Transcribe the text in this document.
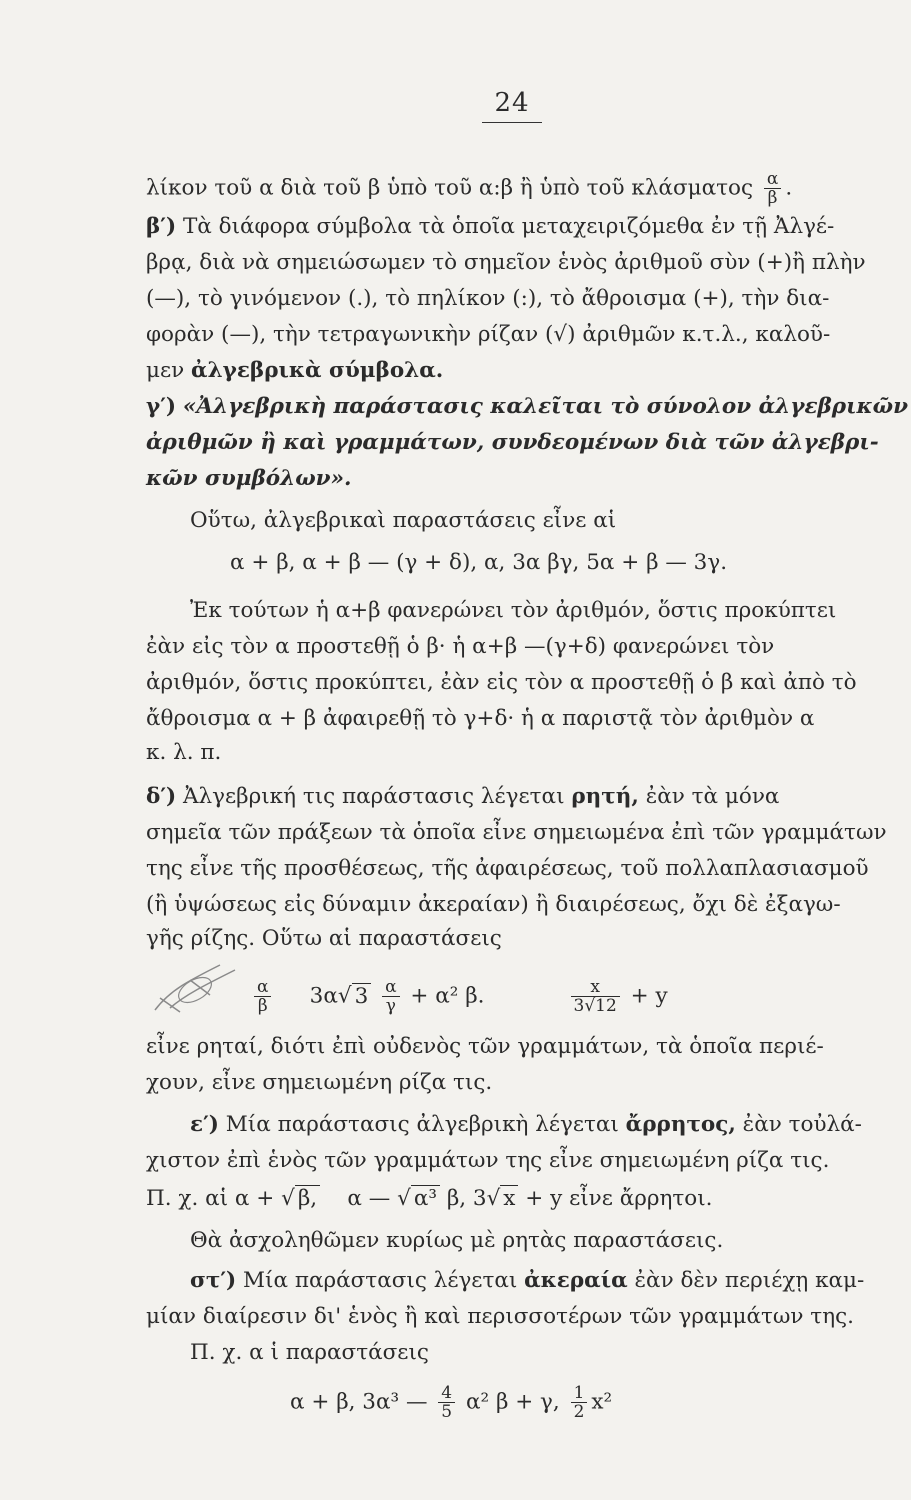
24
λίκον τοῦ α διὰ τοῦ β ὑπὸ τοῦ α:β ἢ ὑπὸ τοῦ κλάσματος $\frac{\alpha}{\beta}$ .
β′) Τὰ διάφορα σύμβολα τὰ ὁποῖα μεταχειριζόμεθα ἐν τῇ Ἀλγέ-
βρᾳ, διὰ νὰ σημειώσωμεν τὸ σημεῖον ἑνὸς ἀριθμοῦ σὺν (+)ἢ πλὴν
(—), τὸ γινόμενον (.), τὸ πηλίκον (:), τὸ ἄθροισμα (+), τὴν δια-
φορὰν (—), τὴν τετραγωνικὴν ρίζαν (√) ἀριθμῶν κ.τ.λ., καλοῦ-
μεν ἀλγεβρικὰ σύμβολα.
γ′) «Ἀλγεβρικὴ παράστασις καλεῖται τὸ σύνολον ἀλγεβρικῶν
ἀριθμῶν ἢ καὶ γραμμάτων, συνδεομένων διὰ τῶν ἀλγεβρι-
κῶν συμβόλων».
Οὕτω, ἀλγεβρικαὶ παραστάσεις εἶνε αἱ
α + β, α + β — (γ + δ), α, 3α βγ, 5α + β — 3γ.
Ἐκ τούτων ἡ α+β φανερώνει τὸν ἀριθμόν, ὅστις προκύπτει
ἐὰν εἰς τὸν α προστεθῇ ὁ β· ἡ α+β —(γ+δ) φανερώνει τὸν
ἀριθμόν, ὅστις προκύπτει, ἐὰν εἰς τὸν α προστεθῇ ὁ β καὶ ἀπὸ τὸ
ἄθροισμα α + β ἀφαιρεθῇ τὸ γ+δ· ἡ α παριστᾷ τὸν ἀριθμὸν α
κ. λ. π.
δ′) Ἀλγεβρική τις παράστασις λέγεται ρητή, ἐὰν τὰ μόνα
σημεῖα τῶν πράξεων τὰ ὁποῖα εἶνε σημειωμένα ἐπὶ τῶν γραμμάτων
της εἶνε τῆς προσθέσεως, τῆς ἀφαιρέσεως, τοῦ πολλαπλασιασμοῦ
(ἢ ὑψώσεως εἰς δύναμιν ἀκεραίαν) ἢ διαιρέσεως, ὄχι δὲ ἐξαγω-
γῆς ρίζης. Οὕτω αἱ παραστάσεις
$\frac{\alpha}{\beta} 3\alpha√$ $3 \frac{\alpha}{\gamma} + \alpha^2$ β.	$\frac{x}{3√12} + y$
εἶνε ρηταί, διότι ἐπὶ οὐδενὸς τῶν γραμμάτων, τὰ ὁποῖα περιέ-
χουν, εἶνε σημειωμένη ρίζα τις.
ε′) Μία παράστασις ἀλγεβρικὴ λέγεται ἄρρητος, ἐὰν τοὐλά-
χιστον ἐπὶ ἑνὸς τῶν γραμμάτων της εἶνε σημειωμένη ρίζα τις.
Π. χ. αἱ α + √ β, α — √ α³ β, 3√ x + y εἶνε ἄρρητοι.
Θὰ ἀσχοληθῶμεν κυρίως μὲ ρητὰς παραστάσεις.
στ′) Μία παράστασις λέγεται ἀκεραία ἐὰν δὲν περιέχῃ καμ-
μίαν διαίρεσιν δι' ἑνὸς ἢ καὶ περισσοτέρων τῶν γραμμάτων της.
Π. χ. α ἱ παραστάσεις
α + β, 3α³ — $\frac{4}{5} \alpha^2$ β + γ, $\frac{1}{2} x^2$
